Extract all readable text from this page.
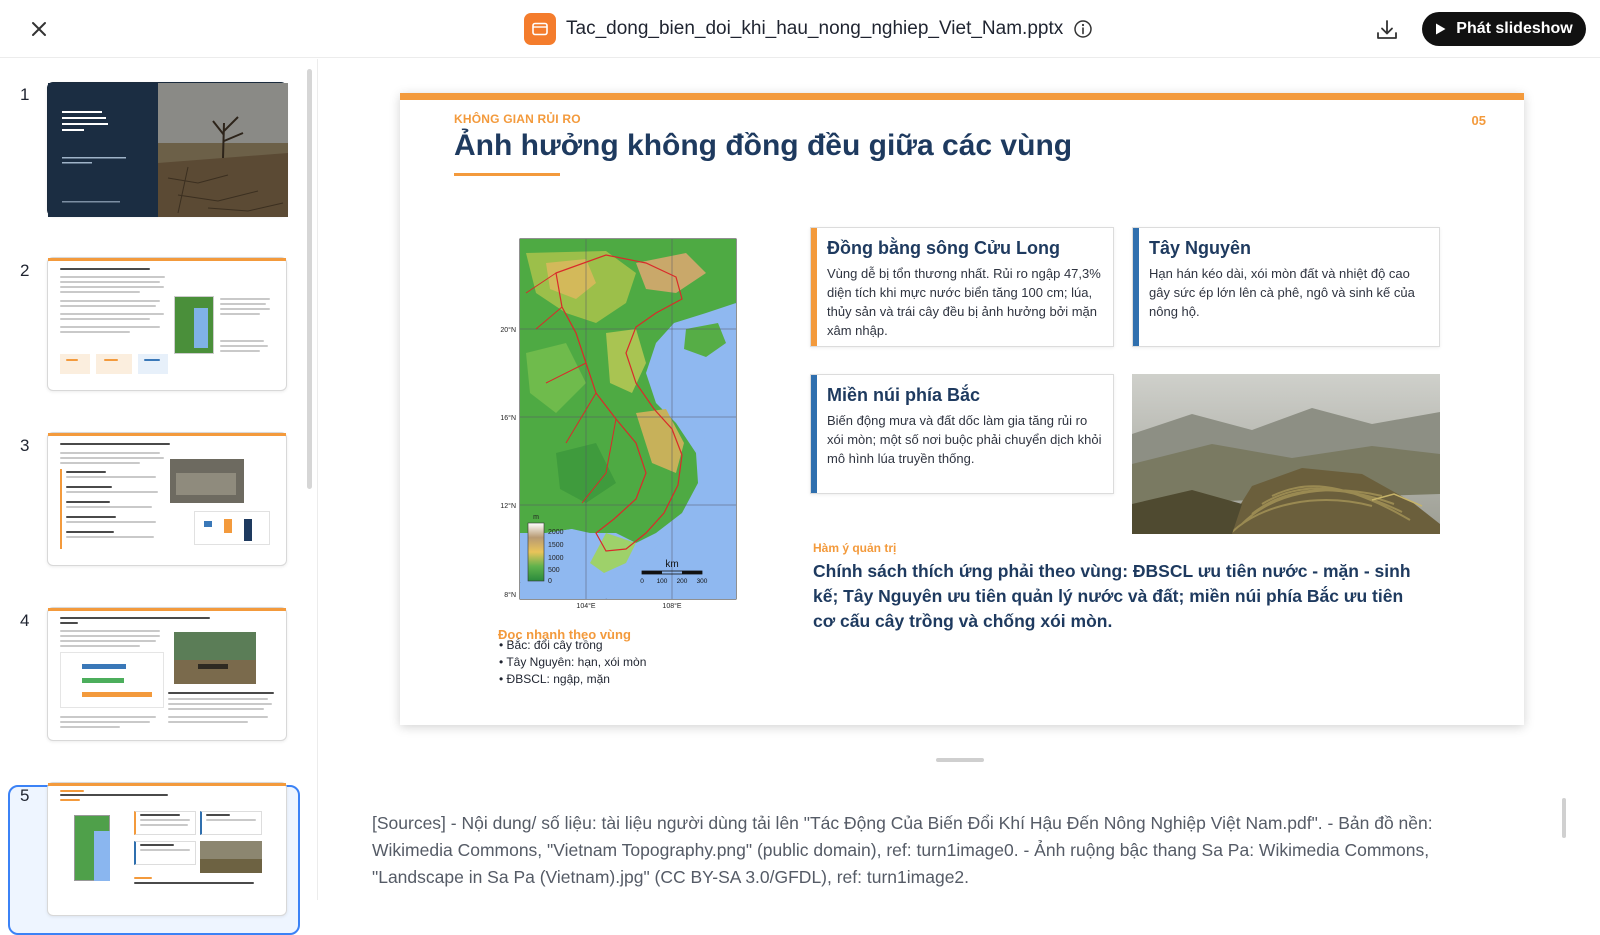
Tac_dong_bien_doi_khi_hau_nong_nghiep_Viet_Nam.pptx	Phát slideshow
1
2
3
4
5
KHÔNG GIAN RỦI RO	05
Ảnh hưởng không đồng đều giữa các vùng
20°N
16°N
12°N
8°N
104°E	108°E
m
2000
1500
1000
500
0
km
0 100 200 300
Đọc nhanh theo vùng
• Bắc: đổi cây trồng
• Tây Nguyên: hạn, xói mòn
• ĐBSCL: ngập, mặn
Đồng bằng sông Cửu Long
Vùng dễ bị tổn thương nhất. Rủi ro ngập 47,3% diện tích khi mực nước biển tăng 100 cm; lúa, thủy sản và trái cây đều bị ảnh hưởng bởi mặn xâm nhập.
Tây Nguyên
Hạn hán kéo dài, xói mòn đất và nhiệt độ cao gây sức ép lớn lên cà phê, ngô và sinh kế của nông hộ.
Miền núi phía Bắc
Biến động mưa và đất dốc làm gia tăng rủi ro xói mòn; một số nơi buộc phải chuyển dịch khỏi mô hình lúa truyền thống.
Hàm ý quản trị
Chính sách thích ứng phải theo vùng: ĐBSCL ưu tiên nước - mặn - sinh kế; Tây Nguyên ưu tiên quản lý nước và đất; miền núi phía Bắc ưu tiên cơ cấu cây trồng và chống xói mòn.
[Sources] - Nội dung/ số liệu: tài liệu người dùng tải lên "Tác Động Của Biến Đổi Khí Hậu Đến Nông Nghiệp Việt Nam.pdf". - Bản đồ nền: Wikimedia Commons, "Vietnam Topography.png" (public domain), ref: turn1image0. - Ảnh ruộng bậc thang Sa Pa: Wikimedia Commons, "Landscape in Sa Pa (Vietnam).jpg" (CC BY-SA 3.0/GFDL), ref: turn1image2.
